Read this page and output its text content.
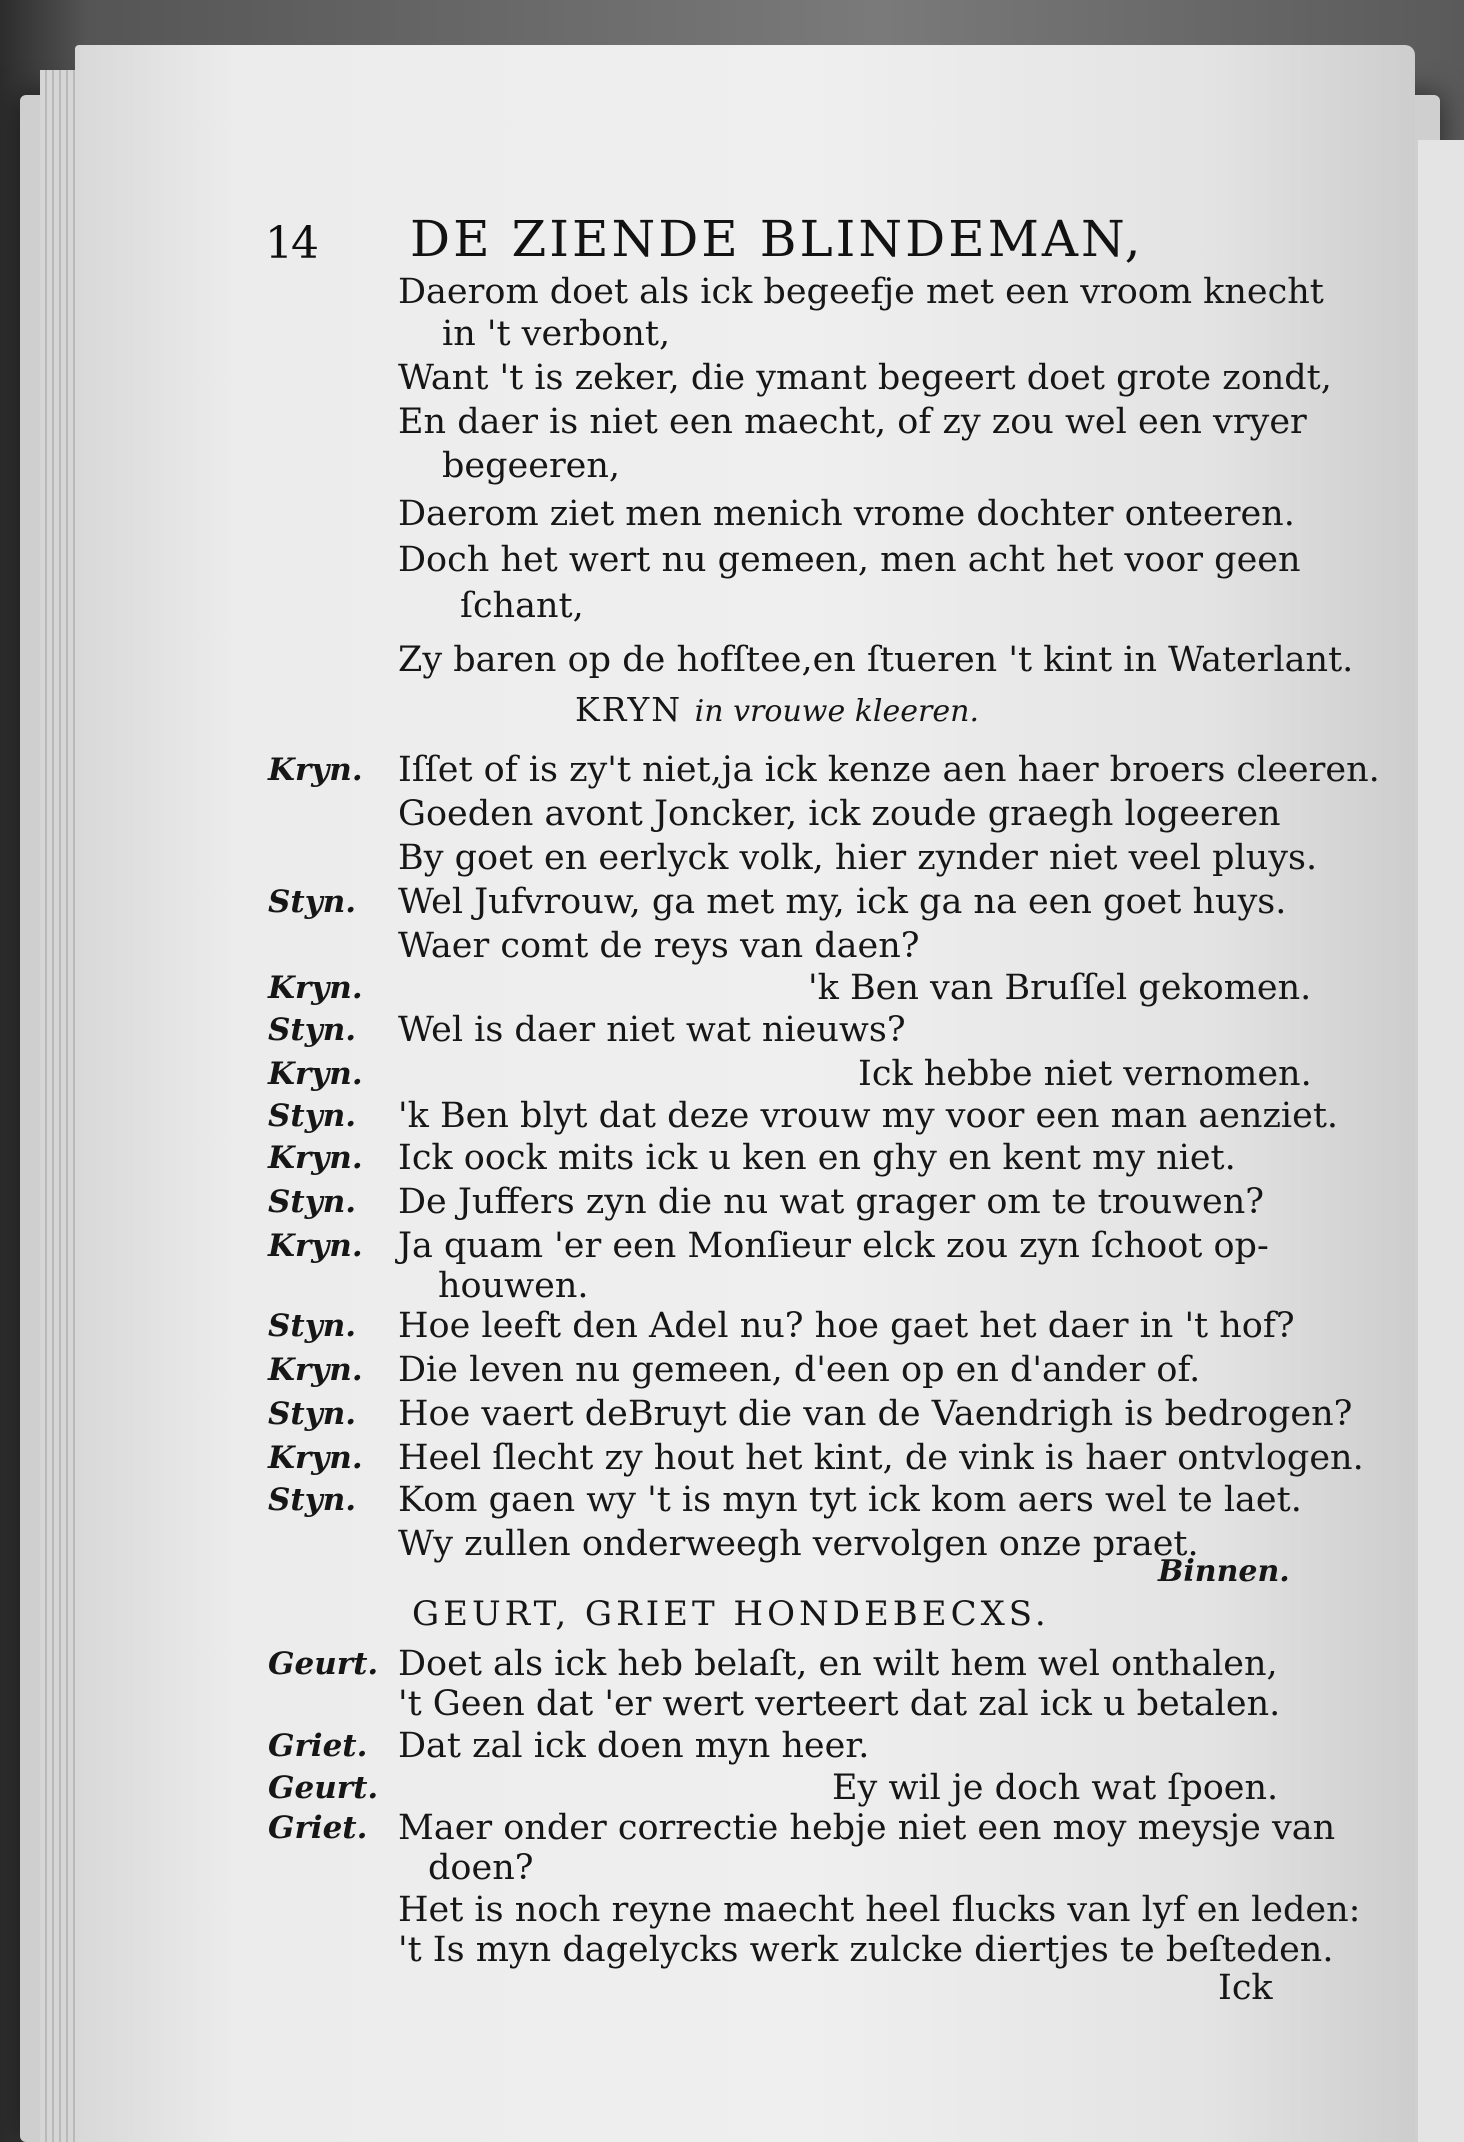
14 DE ZIENDE BLINDEMAN,
Daerom doet als ick begeefje met een vroom knecht
in 't verbont,
Want 't is zeker, die ymant begeert doet grote zondt,
En daer is niet een maecht, of zy zou wel een vryer
begeeren,
Daerom ziet men menich vrome dochter onteeren.
Doch het wert nu gemeen, men acht het voor geen
ſchant,
Zy baren op de hofſtee,en ſtueren 't kint in Waterlant.
KRYN in vrouwe kleeren.
Kryn. Iſſet of is zy't niet,ja ick kenze aen haer broers cleeren.
Goeden avont Joncker, ick zoude graegh logeeren
By goet en eerlyck volk, hier zynder niet veel pluys.
Styn. Wel Jufvrouw, ga met my, ick ga na een goet huys.
Waer comt de reys van daen?
Kryn.	'k Ben van Bruſſel gekomen.
Styn. Wel is daer niet wat nieuws?
Kryn.	Ick hebbe niet vernomen.
Styn. 'k Ben blyt dat deze vrouw my voor een man aenziet.
Kryn. Ick oock mits ick u ken en ghy en kent my niet.
Styn. De Juffers zyn die nu wat grager om te trouwen?
Kryn. Ja quam 'er een Monſieur elck zou zyn ſchoot op-
houwen.
Styn. Hoe leeft den Adel nu? hoe gaet het daer in 't hof?
Kryn. Die leven nu gemeen, d'een op en d'ander of.
Styn. Hoe vaert deBruyt die van de Vaendrigh is bedrogen?
Kryn. Heel ſlecht zy hout het kint, de vink is haer ontvlogen.
Styn. Kom gaen wy 't is myn tyt ick kom aers wel te laet.
Wy zullen onderweegh vervolgen onze praet.
Binnen.
GEURT, GRIET HONDEBECXS.
Geurt. Doet als ick heb belaſt, en wilt hem wel onthalen,
't Geen dat 'er wert verteert dat zal ick u betalen.
Griet. Dat zal ick doen myn heer.
Geurt.	Ey wil je doch wat ſpoen.
Griet. Maer onder correctie hebje niet een moy meysje van
doen?
Het is noch reyne maecht heel flucks van lyf en leden:
't Is myn dagelycks werk zulcke diertjes te beſteden.
Ick
